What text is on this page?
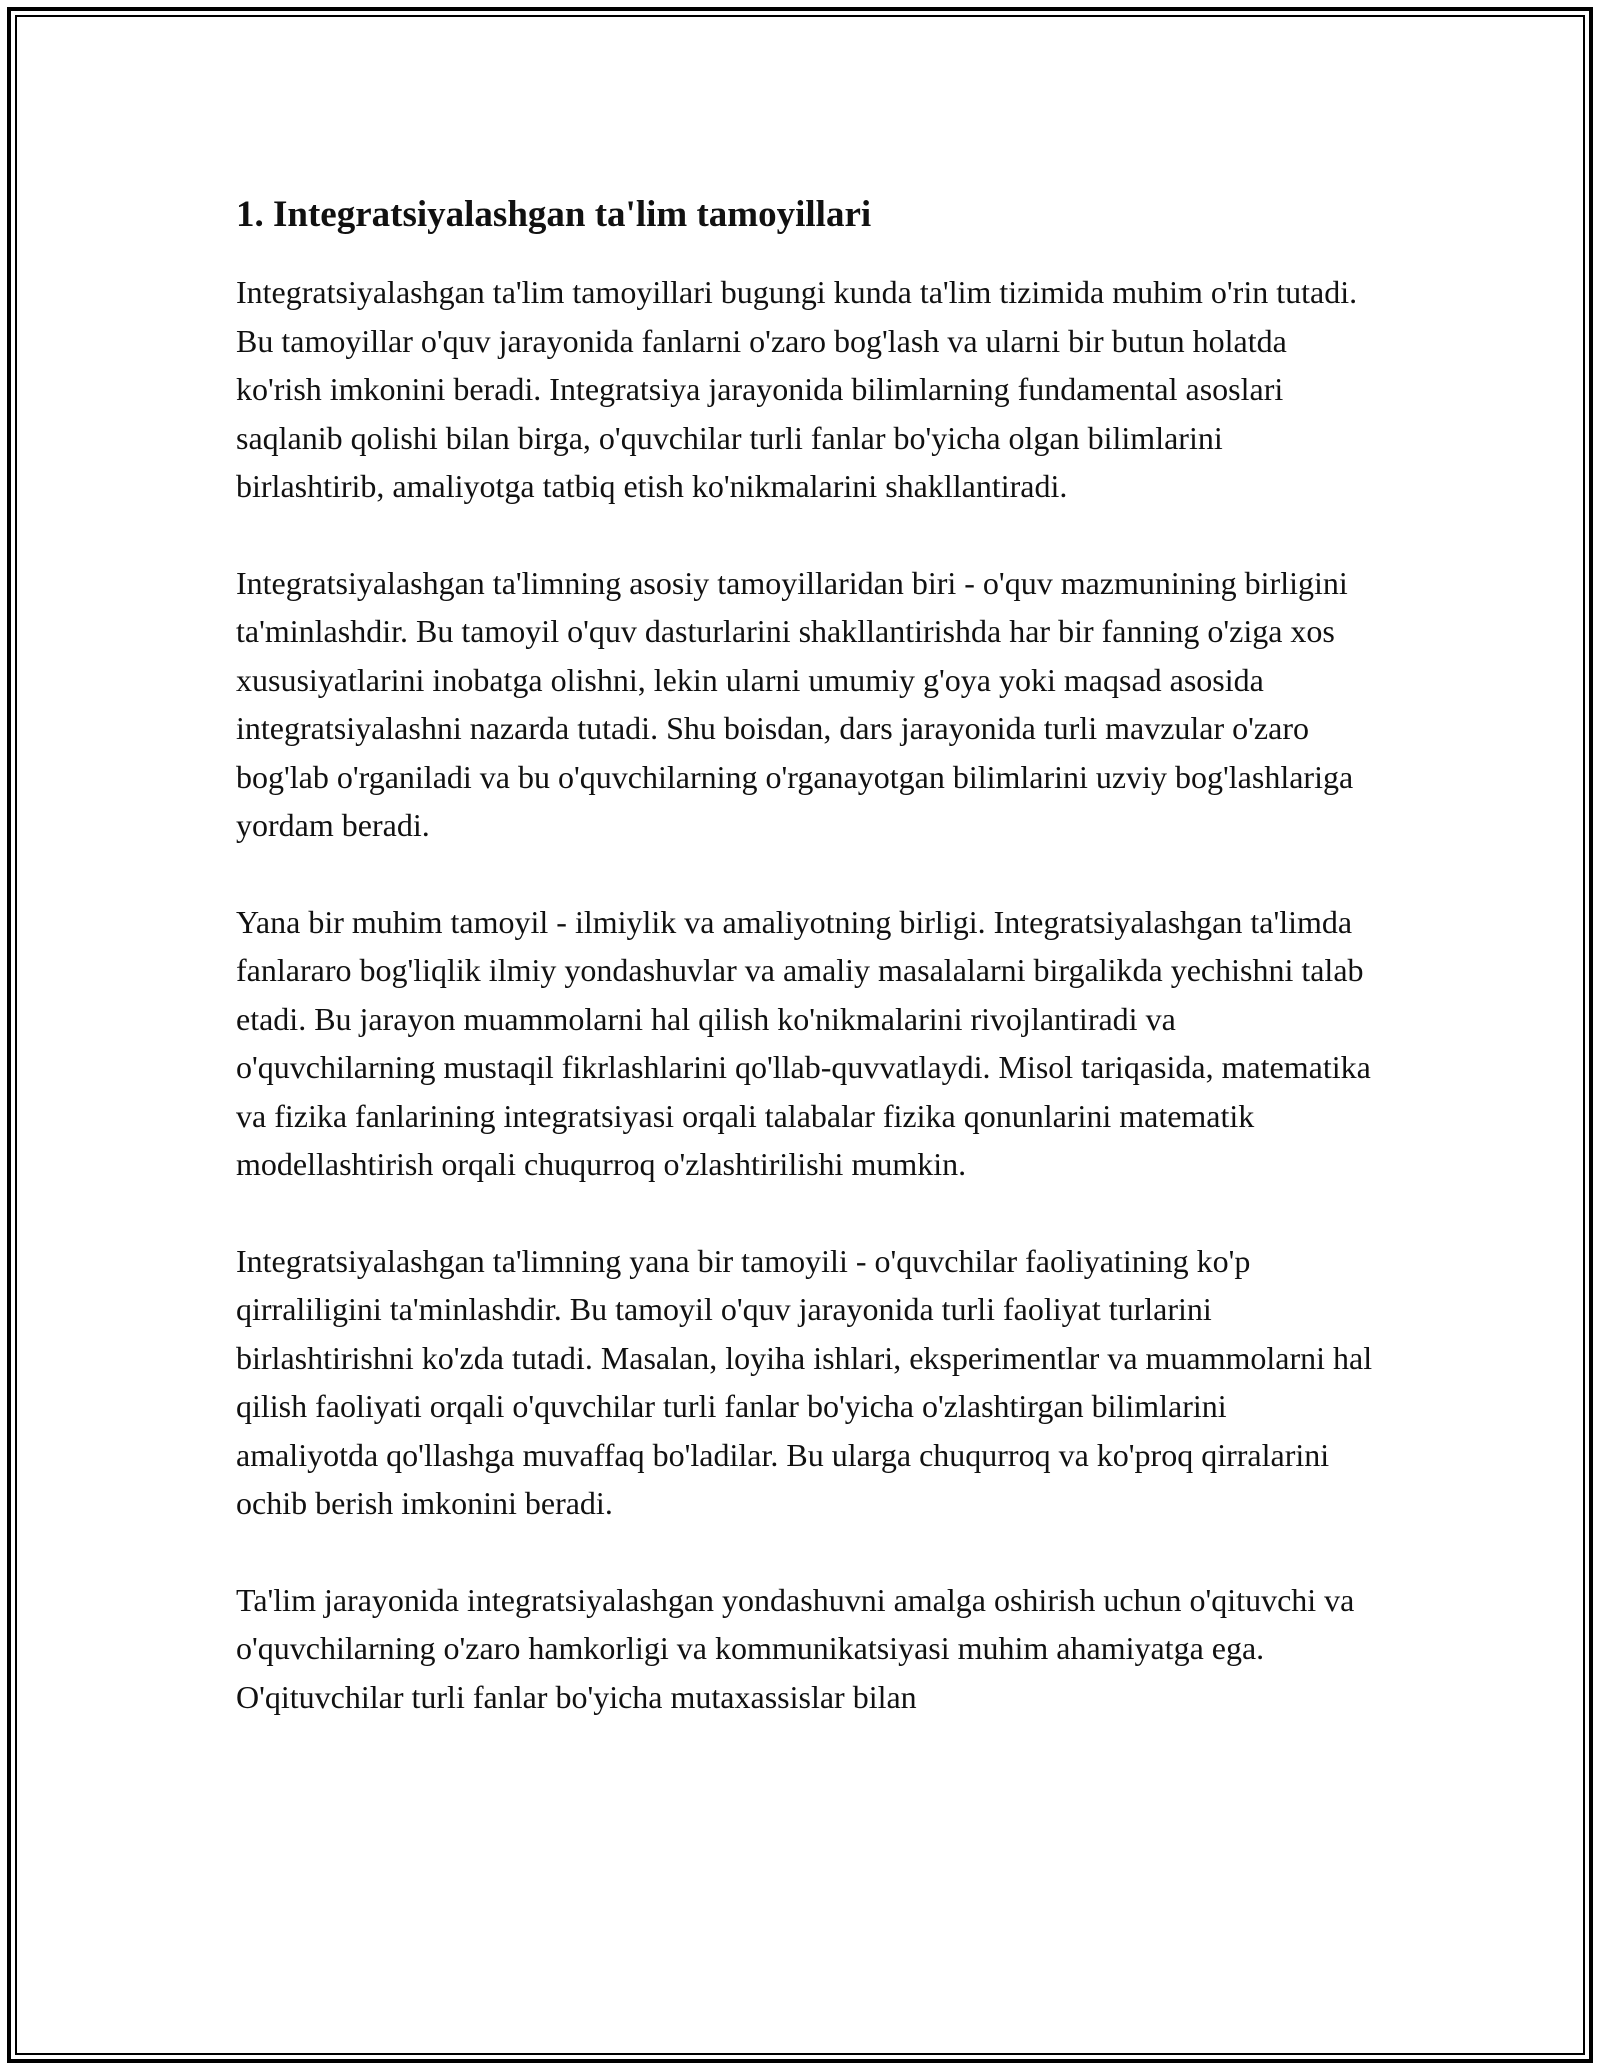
1. Integratsiyalashgan ta'lim tamoyillari

Integratsiyalashgan ta'lim tamoyillari bugungi kunda ta'lim tizimida muhim o'rin tutadi. Bu tamoyillar o'quv jarayonida fanlarni o'zaro bog'lash va ularni bir butun holatda ko'rish imkonini beradi. Integratsiya jarayonida bilimlarning fundamental asoslari saqlanib qolishi bilan birga, o'quvchilar turli fanlar bo'yicha olgan bilimlarini birlashtirib, amaliyotga tatbiq etish ko'nikmalarini shakllantiradi.

Integratsiyalashgan ta'limning asosiy tamoyillaridan biri - o'quv mazmunining birligini ta'minlashdir. Bu tamoyil o'quv dasturlarini shakllantirishda har bir fanning o'ziga xos xususiyatlarini inobatga olishni, lekin ularni umumiy g'oya yoki maqsad asosida integratsiyalashni nazarda tutadi. Shu boisdan, dars jarayonida turli mavzular o'zaro bog'lab o'rganiladi va bu o'quvchilarning o'rganayotgan bilimlarini uzviy bog'lashlariga yordam beradi.

Yana bir muhim tamoyil - ilmiylik va amaliyotning birligi. Integratsiyalashgan ta'limda fanlararo bog'liqlik ilmiy yondashuvlar va amaliy masalalarni birgalikda yechishni talab etadi. Bu jarayon muammolarni hal qilish ko'nikmalarini rivojlantiradi va o'quvchilarning mustaqil fikrlashlarini qo'llab-quvvatlaydi. Misol tariqasida, matematika va fizika fanlarining integratsiyasi orqali talabalar fizika qonunlarini matematik modellashtirish orqali chuqurroq o'zlashtirilishi mumkin.

Integratsiyalashgan ta'limning yana bir tamoyili - o'quvchilar faoliyatining ko'p qirraliligini ta'minlashdir. Bu tamoyil o'quv jarayonida turli faoliyat turlarini birlashtirishni ko'zda tutadi. Masalan, loyiha ishlari, eksperimentlar va muammolarni hal qilish faoliyati orqali o'quvchilar turli fanlar bo'yicha o'zlashtirgan bilimlarini amaliyotda qo'llashga muvaffaq bo'ladilar. Bu ularga chuqurroq va ko'proq qirralarini ochib berish imkonini beradi.

Ta'lim jarayonida integratsiyalashgan yondashuvni amalga oshirish uchun o'qituvchi va o'quvchilarning o'zaro hamkorligi va kommunikatsiyasi muhim ahamiyatga ega. O'qituvchilar turli fanlar bo'yicha mutaxassislar bilan
